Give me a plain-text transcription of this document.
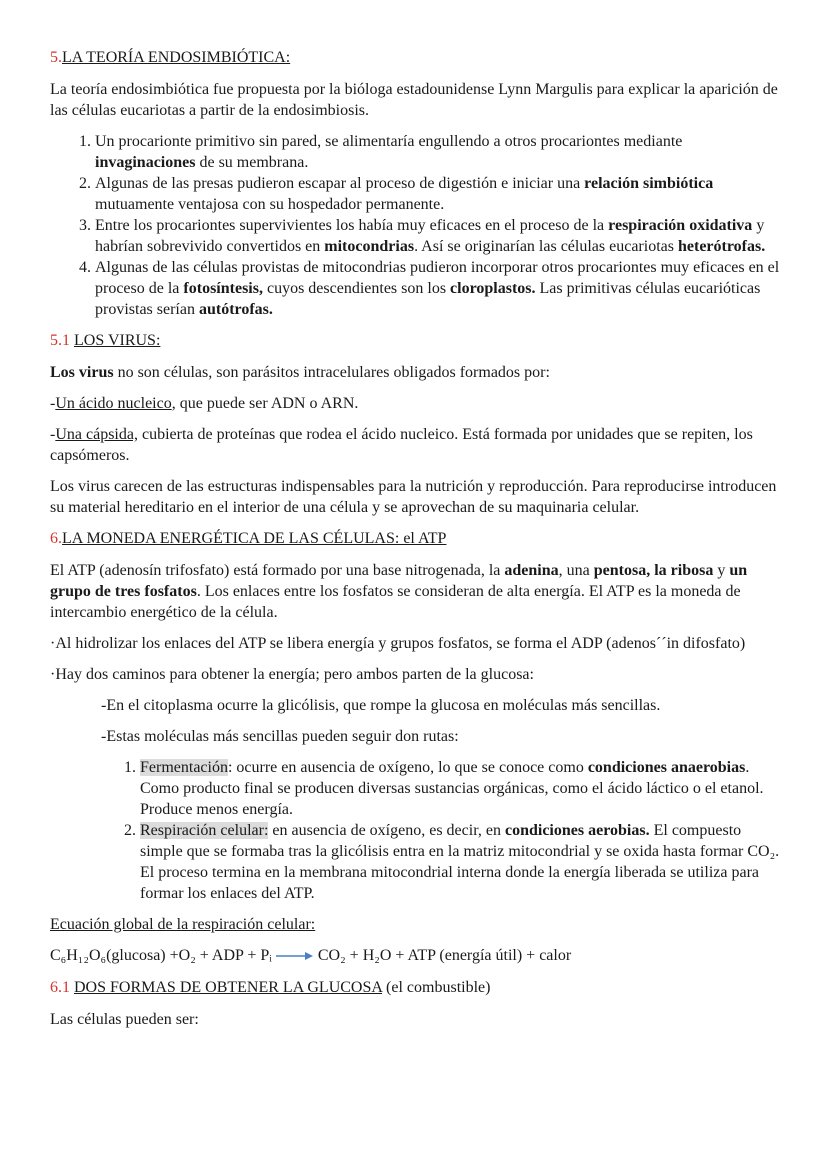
5.LA TEORÍA ENDOSIMBIÓTICA:

La teoría endosimbiótica fue propuesta por la bióloga estadounidense Lynn Margulis para explicar la aparición de las células eucariotas a partir de la endosimbiosis.

1. Un procarionte primitivo sin pared, se alimentaría engullendo a otros procariontes mediante invaginaciones de su membrana.
2. Algunas de las presas pudieron escapar al proceso de digestión e iniciar una relación simbiótica mutuamente ventajosa con su hospedador permanente.
3. Entre los procariontes supervivientes los había muy eficaces en el proceso de la respiración oxidativa y habrían sobrevivido convertidos en mitocondrias. Así se originarían las células eucariotas heterótrofas.
4. Algunas de las células provistas de mitocondrias pudieron incorporar otros procariontes muy eficaces en el proceso de la fotosíntesis, cuyos descendientes son los cloroplastos. Las primitivas células eucarióticas provistas serían autótrofas.

5.1 LOS VIRUS:

Los virus no son células, son parásitos intracelulares obligados formados por:

-Un ácido nucleico, que puede ser ADN o ARN.

-Una cápsida, cubierta de proteínas que rodea el ácido nucleico. Está formada por unidades que se repiten, los capsómeros.

Los virus carecen de las estructuras indispensables para la nutrición y reproducción. Para reproducirse introducen su material hereditario en el interior de una célula y se aprovechan de su maquinaria celular.

6.LA MONEDA ENERGÉTICA DE LAS CÉLULAS: el ATP

El ATP (adenosín trifosfato) está formado por una base nitrogenada, la adenina, una pentosa, la ribosa y un grupo de tres fosfatos. Los enlaces entre los fosfatos se consideran de alta energía. El ATP es la moneda de intercambio energético de la célula.

·Al hidrolizar los enlaces del ATP se libera energía y grupos fosfatos, se forma el ADP (adenos´´in difosfato)

·Hay dos caminos para obtener la energía; pero ambos parten de la glucosa:

-En el citoplasma ocurre la glicólisis, que rompe la glucosa en moléculas más sencillas.

-Estas moléculas más sencillas pueden seguir don rutas:

1. Fermentación: ocurre en ausencia de oxígeno, lo que se conoce como condiciones anaerobias. Como producto final se producen diversas sustancias orgánicas, como el ácido láctico o el etanol. Produce menos energía.
2. Respiración celular: en ausencia de oxígeno, es decir, en condiciones aerobias. El compuesto simple que se formaba tras la glicólisis entra en la matriz mitocondrial y se oxida hasta formar CO₂. El proceso termina en la membrana mitocondrial interna donde la energía liberada se utiliza para formar los enlaces del ATP.

Ecuación global de la respiración celular:

C₆H₁₂O₆(glucosa) +O₂ + ADP + Pᵢ	CO₂ + H₂O + ATP (energía útil) + calor

6.1 DOS FORMAS DE OBTENER LA GLUCOSA (el combustible)

Las células pueden ser:
